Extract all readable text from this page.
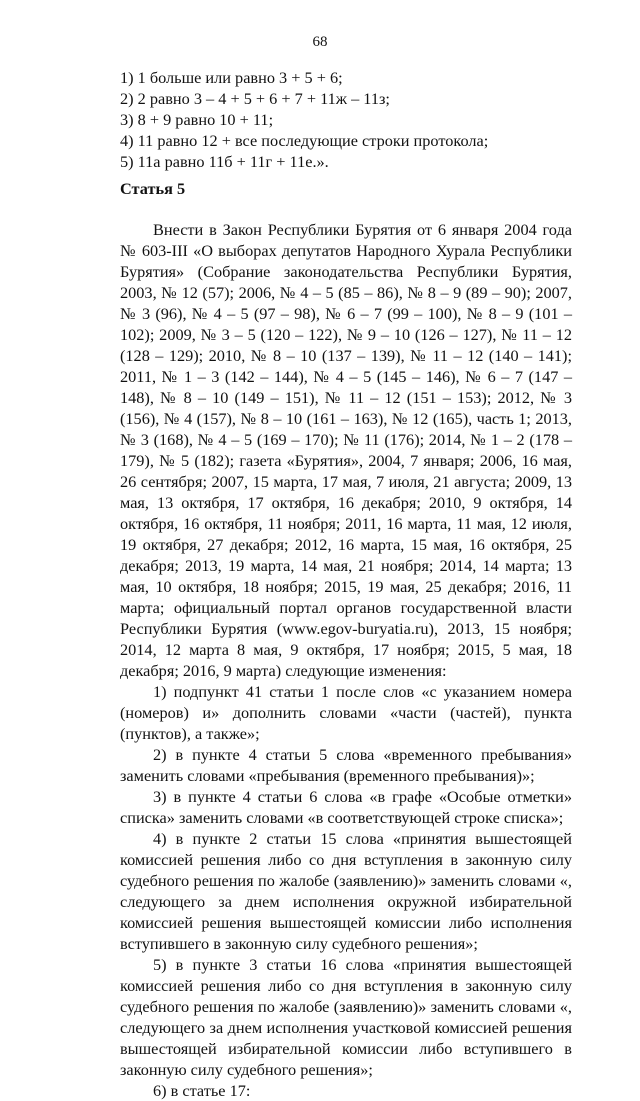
68
1) 1 больше или равно 3 + 5 + 6;
2) 2 равно 3 – 4 + 5 + 6 + 7 + 11ж – 11з;
3) 8 + 9 равно 10 + 11;
4) 11 равно 12 + все последующие строки протокола;
5) 11а равно 11б + 11г + 11е.».
Статья 5

Внести в Закон Республики Бурятия от 6 января 2004 года № 603-III «О выборах депутатов Народного Хурала Республики Бурятия» (Собрание законодательства Республики Бурятия, 2003, № 12 (57); 2006, № 4 – 5 (85 – 86), № 8 – 9 (89 – 90); 2007, № 3 (96), № 4 – 5 (97 – 98), № 6 – 7 (99 – 100), № 8 – 9 (101 – 102); 2009, № 3 – 5 (120 – 122), № 9 – 10 (126 – 127), № 11 – 12 (128 – 129); 2010, № 8 – 10 (137 – 139), № 11 – 12 (140 – 141); 2011, № 1 – 3 (142 – 144), № 4 – 5 (145 – 146), № 6 – 7 (147 – 148), № 8 – 10 (149 – 151), № 11 – 12 (151 – 153); 2012, № 3 (156), № 4 (157), № 8 – 10 (161 – 163), № 12 (165), часть 1; 2013, № 3 (168), № 4 – 5 (169 – 170); № 11 (176); 2014, № 1 – 2 (178 – 179), № 5 (182); газета «Бурятия», 2004, 7 января; 2006, 16 мая, 26 сентября; 2007, 15 марта, 17 мая, 7 июля, 21 августа; 2009, 13 мая, 13 октября, 17 октября, 16 декабря; 2010, 9 октября, 14 октября, 16 октября, 11 ноября; 2011, 16 марта, 11 мая, 12 июля, 19 октября, 27 декабря; 2012, 16 марта, 15 мая, 16 октября, 25 декабря; 2013, 19 марта, 14 мая, 21 ноября; 2014, 14 марта; 13 мая, 10 октября, 18 ноября; 2015, 19 мая, 25 декабря; 2016, 11 марта; официальный портал органов государственной власти Республики Бурятия (www.egov-buryatia.ru), 2013, 15 ноября; 2014, 12 марта 8 мая, 9 октября, 17 ноября; 2015, 5 мая, 18 декабря; 2016, 9 марта) следующие изменения:

1) подпункт 41 статьи 1 после слов «с указанием номера (номеров) и» дополнить словами «части (частей), пункта (пунктов), а также»;

2) в пункте 4 статьи 5 слова «временного пребывания» заменить словами «пребывания (временного пребывания)»;

3) в пункте 4 статьи 6 слова «в графе «Особые отметки» списка» заменить словами «в соответствующей строке списка»;

4) в пункте 2 статьи 15 слова «принятия вышестоящей комиссией решения либо со дня вступления в законную силу судебного решения по жалобе (заявлению)» заменить словами «, следующего за днем исполнения окружной избирательной комиссией решения вышестоящей комиссии либо исполнения вступившего в законную силу судебного решения»;

5) в пункте 3 статьи 16 слова «принятия вышестоящей комиссией решения либо со дня вступления в законную силу судебного решения по жалобе (заявлению)» заменить словами «, следующего за днем исполнения участковой комиссией решения вышестоящей избирательной комиссии либо вступившего в законную силу судебного решения»;

6) в статье 17:
